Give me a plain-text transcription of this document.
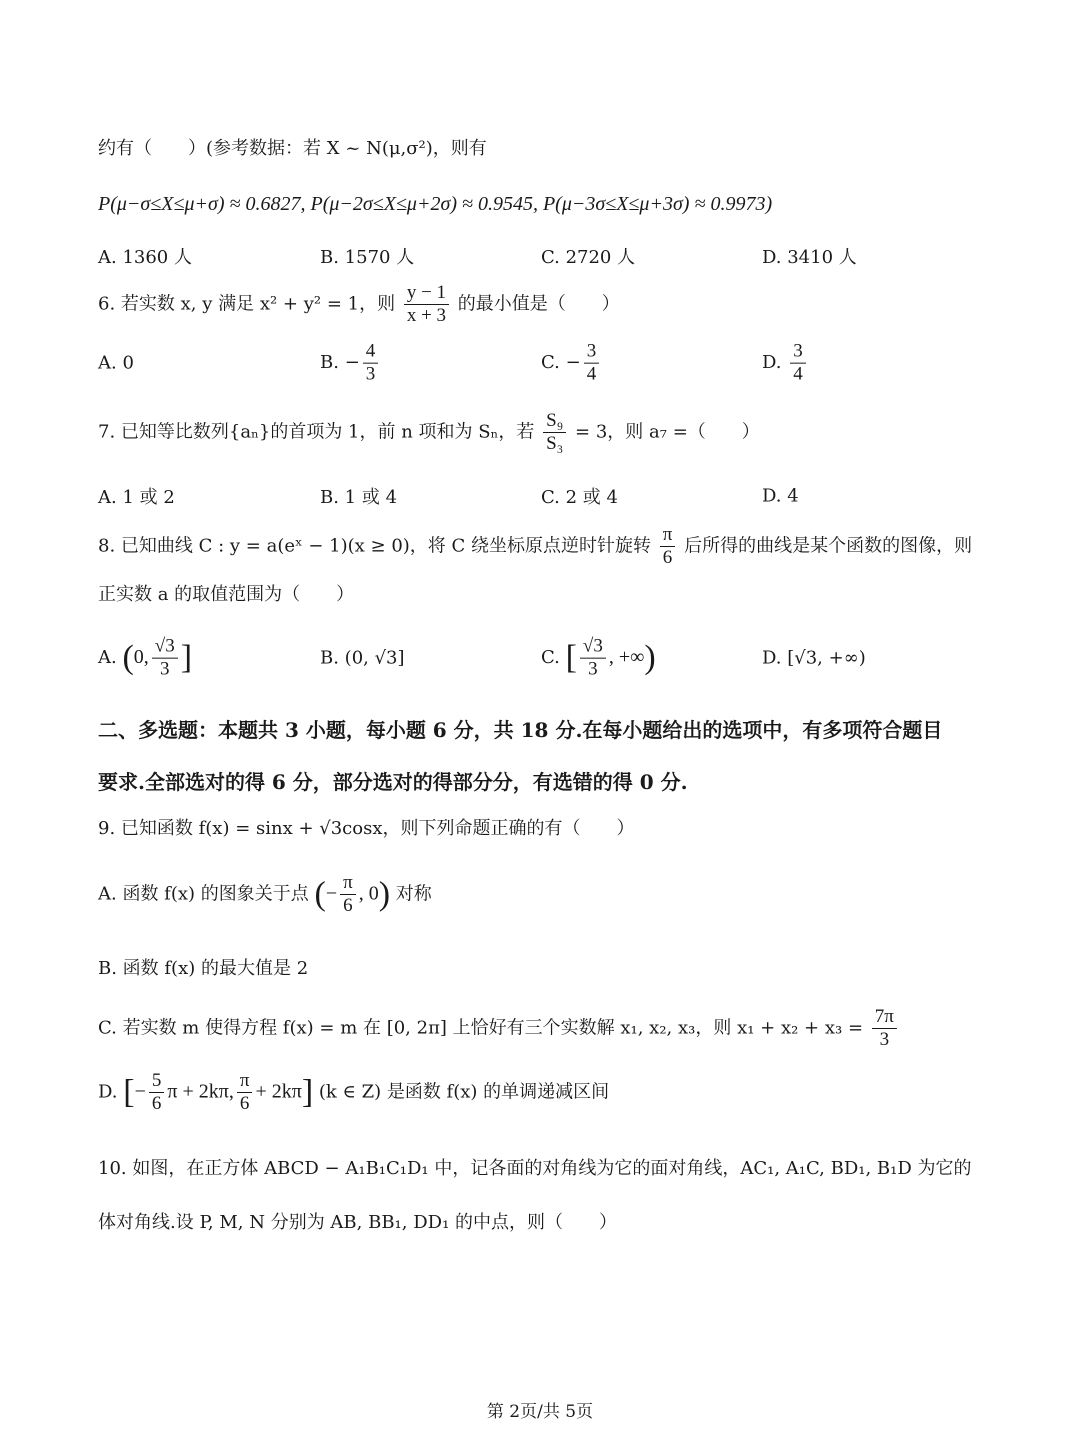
约有（　　）(参考数据：若 X ~ N(μ,σ²)，则有
P(μ−σ≤X≤μ+σ) ≈ 0.6827, P(μ−2σ≤X≤μ+2σ) ≈ 0.9545, P(μ−3σ≤X≤μ+3σ) ≈ 0.9973)
A. 1360 人	B. 1570 人	C. 2720 人	D. 3410 人
6. 若实数 x, y 满足 x² + y² = 1，则 $\frac{y - 1}{x + 3}$ 的最小值是（　　）
A. 0	B. − $\frac{4}{3}$	C. − $\frac{3}{4}$	D. $\frac{3}{4}$
7. 已知等比数列{aₙ}的首项为 1，前 n 项和为 Sₙ，若 $\frac{\text{S₉}}{\text{S₃}} = 3$，则 a₇ =（　　）
A. 1 或 2	B. 1 或 4	C. 2 或 4	D. 4
8. 已知曲线 C : y = a(eˣ − 1)(x ≥ 0)，将 C 绕坐标原点逆时针旋转 $\frac{\pi}{6}$ 后所得的曲线是某个函数的图像，则
正实数 a 的取值范围为（　　）
A. (0, $\frac{√3}{3}$ ]	B. (0, √3]	C. [ $\frac{√3}{3}$ , +∞)	D. [√3, +∞)
二、多选题：本题共 3 小题，每小题 6 分，共 18 分.在每小题给出的选项中，有多项符合题目
要求.全部选对的得 6 分，部分选对的得部分分，有选错的得 0 分.
9. 已知函数 f(x) = sinx + √3cosx，则下列命题正确的有（　　）
A. 函数 f(x) 的图象关于点 (− $\frac{\pi}{6}$ , 0) 对称
B. 函数 f(x) 的最大值是 2
C. 若实数 m 使得方程 f(x) = m 在 [0, 2π] 上恰好有三个实数解 x₁, x₂, x₃，则 $x_1 + x_2 + x_3 = \frac{7\pi}{3}$
D. [− $\frac{5}{6}$ π + 2kπ, $\frac{\pi}{6} + 2k\pi$] (k ∈ Z) 是函数 f(x) 的单调递减区间
10. 如图，在正方体 ABCD − A₁B₁C₁D₁ 中，记各面的对角线为它的面对角线，AC₁, A₁C, BD₁, B₁D 为它的
体对角线.设 P, M, N 分别为 AB, BB₁, DD₁ 的中点，则（　　）
第 2页/共 5页
